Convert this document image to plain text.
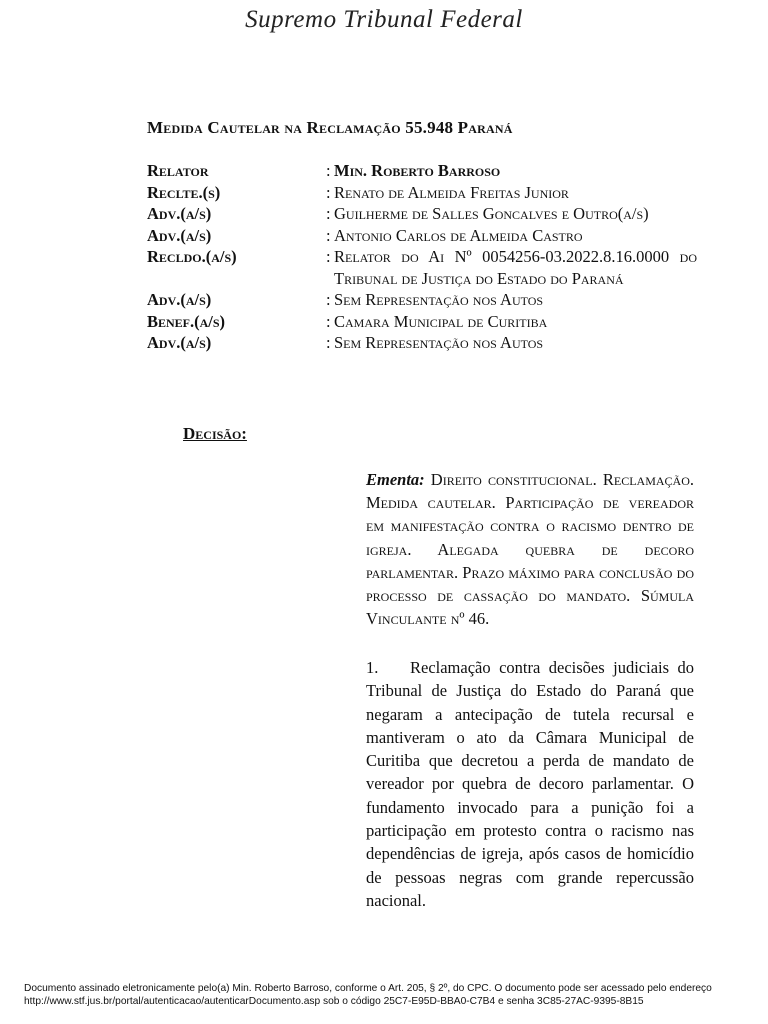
Supremo Tribunal Federal
Medida Cautelar na Reclamação 55.948 Paraná
Relator	: Min. Roberto Barroso
Reclte.(s)	: Renato de Almeida Freitas Junior
Adv.(a/s)	: Guilherme de Salles Goncalves e Outro(a/s)
Adv.(a/s)	: Antonio Carlos de Almeida Castro
Recldo.(a/s)	: Relator do Ai Nº 0054256-03.2022.8.16.0000 do Tribunal de Justiça do Estado do Paraná
Adv.(a/s)	: Sem Representação nos Autos
Benef.(a/s)	: Camara Municipal de Curitiba
Adv.(a/s)	: Sem Representação nos Autos
Decisão:
Ementa: Direito constitucional. Reclamação. Medida cautelar. Participação de vereador em manifestação contra o racismo dentro de igreja. Alegada quebra de decoro parlamentar. Prazo máximo para conclusão do processo de cassação do mandato. Súmula Vinculante nº 46.
1. Reclamação contra decisões judiciais do Tribunal de Justiça do Estado do Paraná que negaram a antecipação de tutela recursal e mantiveram o ato da Câmara Municipal de Curitiba que decretou a perda de mandato de vereador por quebra de decoro parlamentar. O fundamento invocado para a punição foi a participação em protesto contra o racismo nas dependências de igreja, após casos de homicídio de pessoas negras com grande repercussão nacional.
Documento assinado eletronicamente pelo(a) Min. Roberto Barroso, conforme o Art. 205, § 2º, do CPC. O documento pode ser acessado pelo endereço
http://www.stf.jus.br/portal/autenticacao/autenticarDocumento.asp sob o código 25C7-E95D-BBA0-C7B4 e senha 3C85-27AC-9395-8B15
